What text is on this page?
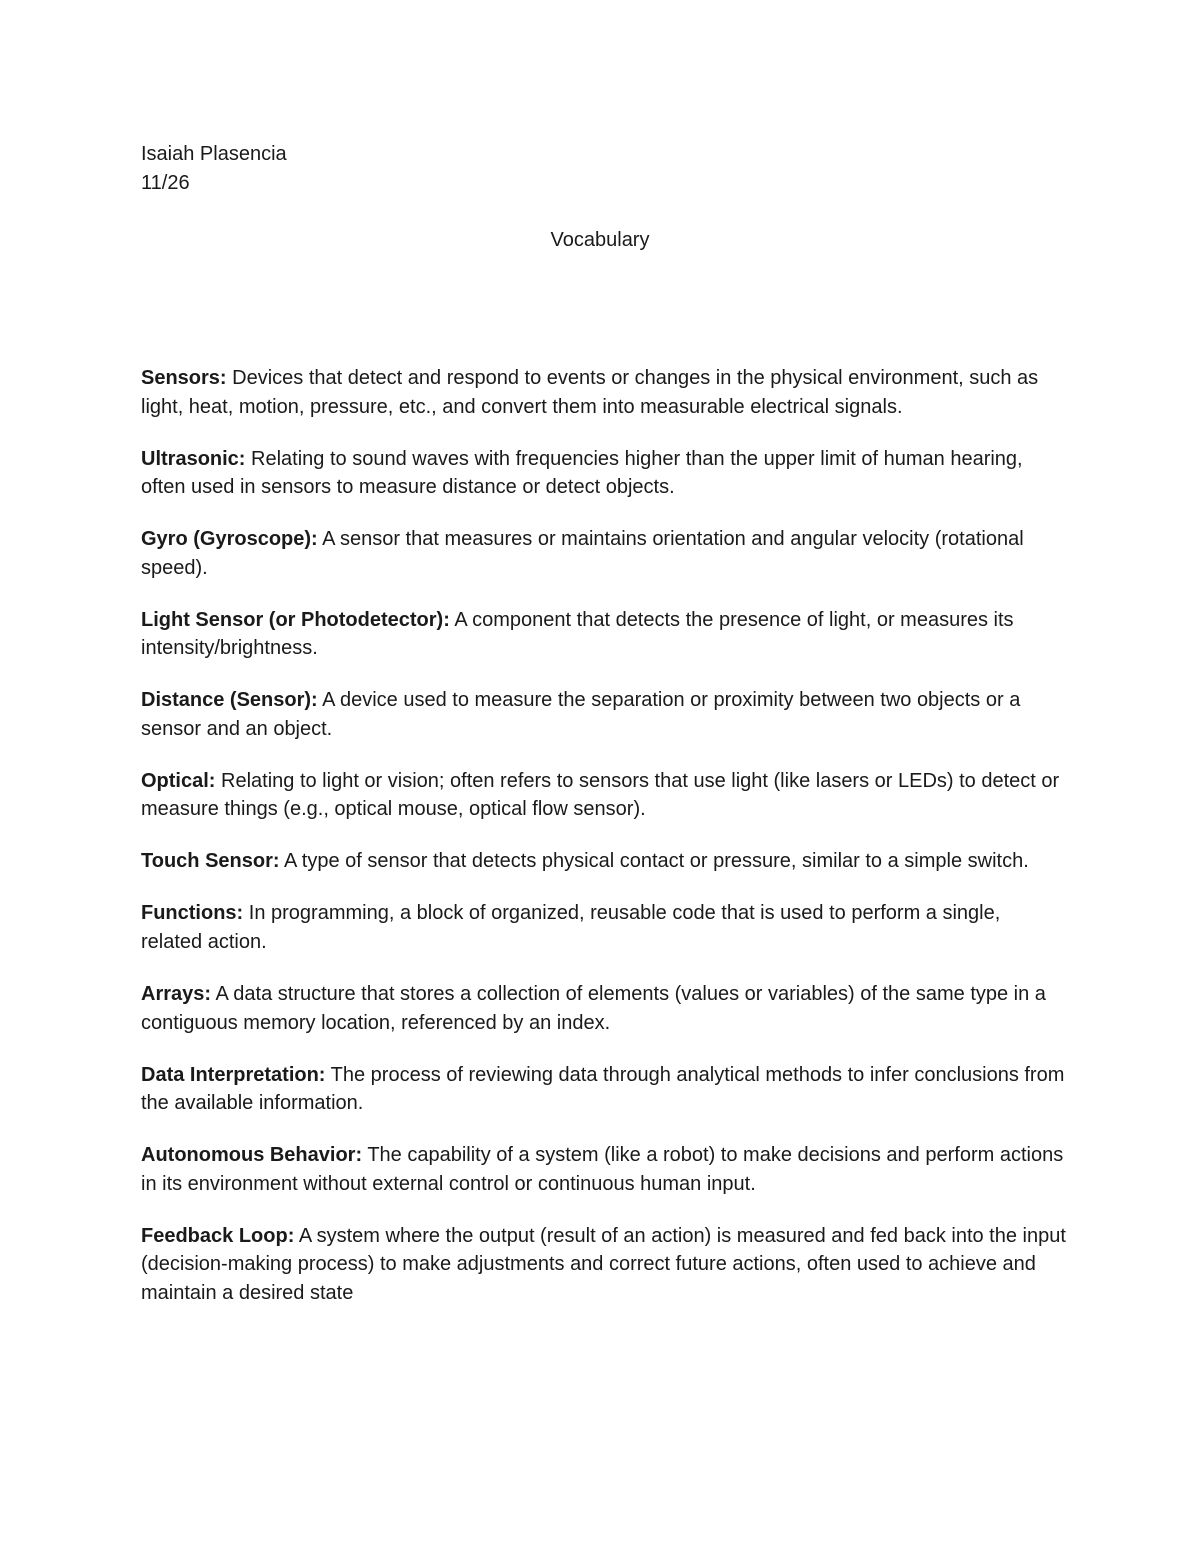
Isaiah Plasencia
11/26
Vocabulary

Sensors: Devices that detect and respond to events or changes in the physical environment, such as light, heat, motion, pressure, etc., and convert them into measurable electrical signals.

Ultrasonic: Relating to sound waves with frequencies higher than the upper limit of human hearing, often used in sensors to measure distance or detect objects.

Gyro (Gyroscope): A sensor that measures or maintains orientation and angular velocity (rotational speed).

Light Sensor (or Photodetector): A component that detects the presence of light, or measures its intensity/brightness.

Distance (Sensor): A device used to measure the separation or proximity between two objects or a sensor and an object.

Optical: Relating to light or vision; often refers to sensors that use light (like lasers or LEDs) to detect or measure things (e.g., optical mouse, optical flow sensor).

Touch Sensor: A type of sensor that detects physical contact or pressure, similar to a simple switch.

Functions: In programming, a block of organized, reusable code that is used to perform a single, related action.

Arrays: A data structure that stores a collection of elements (values or variables) of the same type in a contiguous memory location, referenced by an index.

Data Interpretation: The process of reviewing data through analytical methods to infer conclusions from the available information.

Autonomous Behavior: The capability of a system (like a robot) to make decisions and perform actions in its environment without external control or continuous human input.

Feedback Loop: A system where the output (result of an action) is measured and fed back into the input (decision-making process) to make adjustments and correct future actions, often used to achieve and maintain a desired state
